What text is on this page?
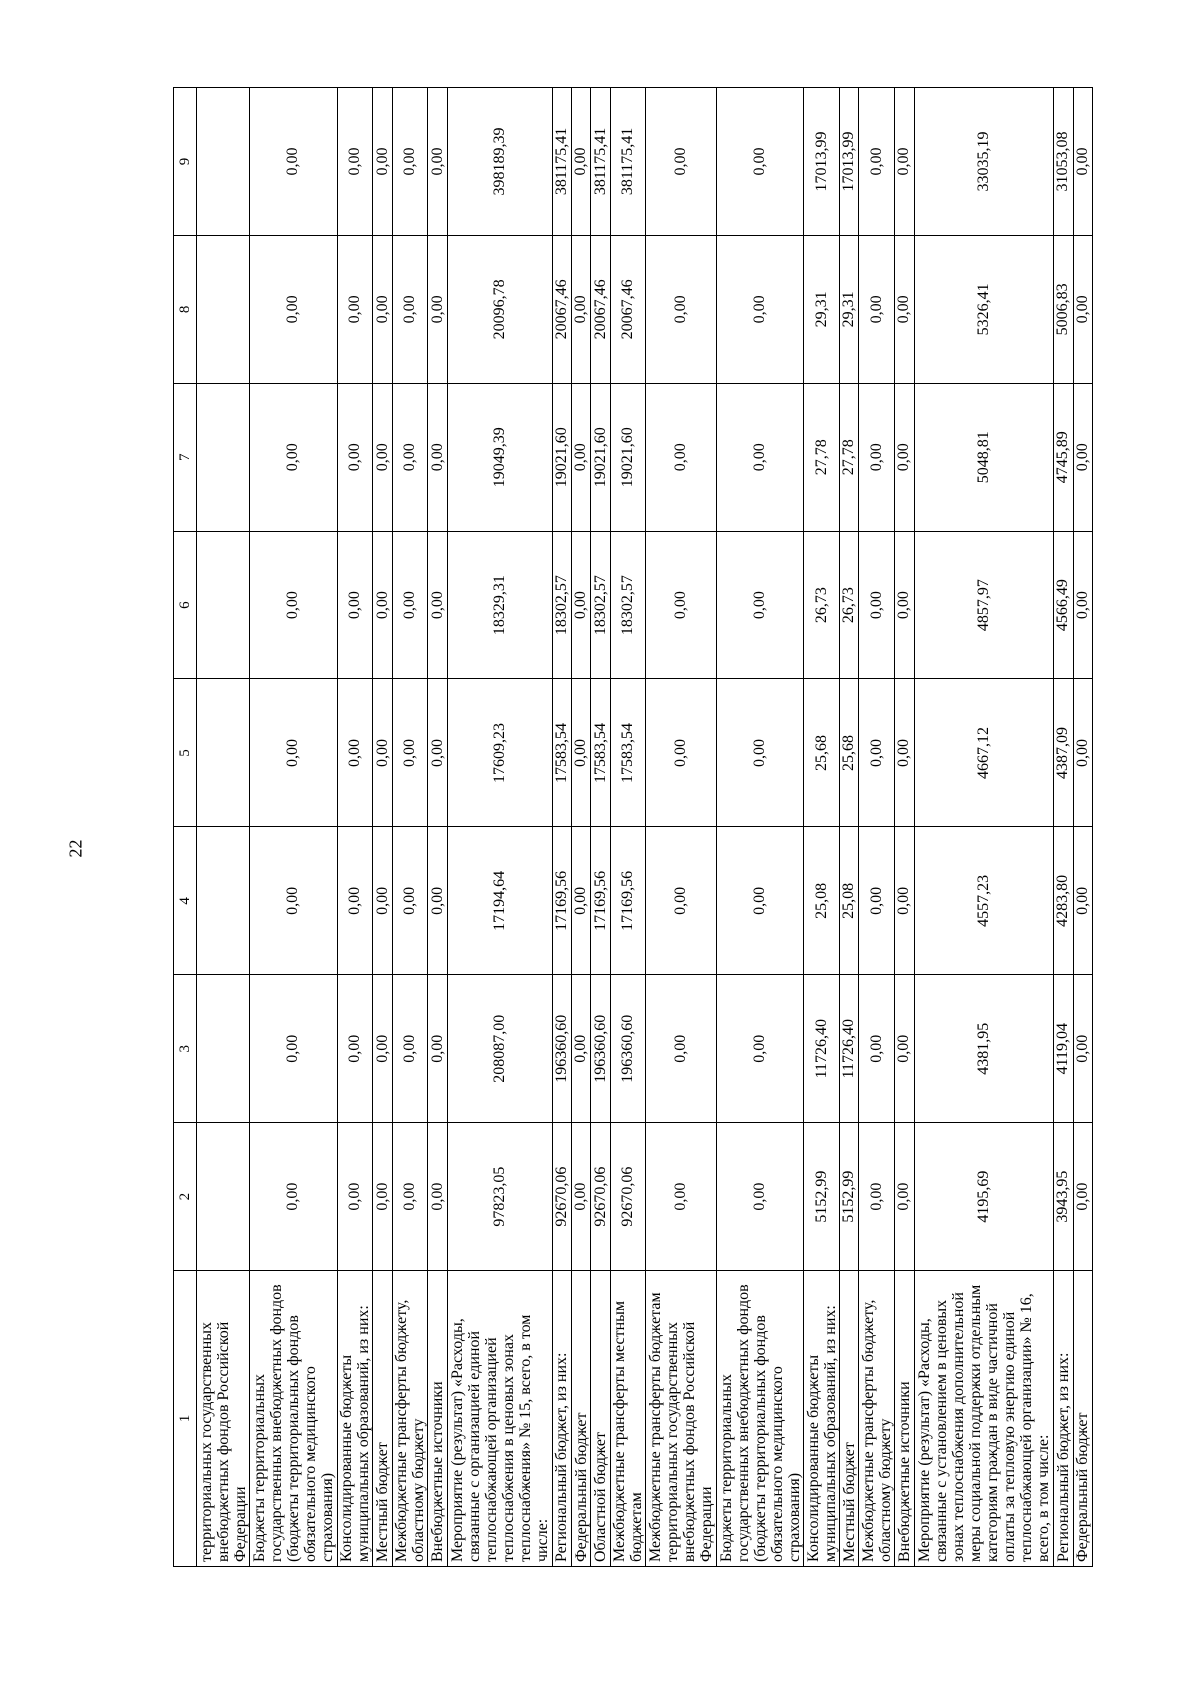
22
1	2	3	4	5	6	7	8	9
территориальных государственных внебюджетных фондов Российской Федерации								
Бюджеты территориальных государственных внебюджетных фондов (бюджеты территориальных фондов обязательного медицинского страхования)	0,00	0,00	0,00	0,00	0,00	0,00	0,00	0,00
Консолидированные бюджеты муниципальных образований, из них:	0,00	0,00	0,00	0,00	0,00	0,00	0,00	0,00
Местный бюджет	0,00	0,00	0,00	0,00	0,00	0,00	0,00	0,00
Межбюджетные трансферты бюджету, областному бюджету	0,00	0,00	0,00	0,00	0,00	0,00	0,00	0,00
Внебюджетные источники	0,00	0,00	0,00	0,00	0,00	0,00	0,00	0,00
Мероприятие (результат) «Расходы, связанные с организацией единой теплоснабжающей организацией теплоснабжения в ценовых зонах теплоснабжения» № 15, всего, в том числе:	97823,05	208087,00	17194,64	17609,23	18329,31	19049,39	20096,78	398189,39
Региональный бюджет, из них:	92670,06	196360,60	17169,56	17583,54	18302,57	19021,60	20067,46	381175,41
Федеральный бюджет	0,00	0,00	0,00	0,00	0,00	0,00	0,00	0,00
Областной бюджет	92670,06	196360,60	17169,56	17583,54	18302,57	19021,60	20067,46	381175,41
Межбюджетные трансферты местным бюджетам	92670,06	196360,60	17169,56	17583,54	18302,57	19021,60	20067,46	381175,41
Межбюджетные трансферты бюджетам территориальных государственных внебюджетных фондов Российской Федерации	0,00	0,00	0,00	0,00	0,00	0,00	0,00	0,00
Бюджеты территориальных государственных внебюджетных фондов (бюджеты территориальных фондов обязательного медицинского страхования)	0,00	0,00	0,00	0,00	0,00	0,00	0,00	0,00
Консолидированные бюджеты муниципальных образований, из них:	5152,99	11726,40	25,08	25,68	26,73	27,78	29,31	17013,99
Местный бюджет	5152,99	11726,40	25,08	25,68	26,73	27,78	29,31	17013,99
Межбюджетные трансферты бюджету, областному бюджету	0,00	0,00	0,00	0,00	0,00	0,00	0,00	0,00
Внебюджетные источники	0,00	0,00	0,00	0,00	0,00	0,00	0,00	0,00
Мероприятие (результат) «Расходы, связанные с установлением в ценовых зонах теплоснабжения дополнительной меры социальной поддержки отдельным категориям граждан в виде частичной оплаты за тепловую энергию единой теплоснабжающей организации» № 16, всего, в том числе:	4195,69	4381,95	4557,23	4667,12	4857,97	5048,81	5326,41	33035,19
Региональный бюджет, из них:	3943,95	4119,04	4283,80	4387,09	4566,49	4745,89	5006,83	31053,08
Федеральный бюджет	0,00	0,00	0,00	0,00	0,00	0,00	0,00	0,00
